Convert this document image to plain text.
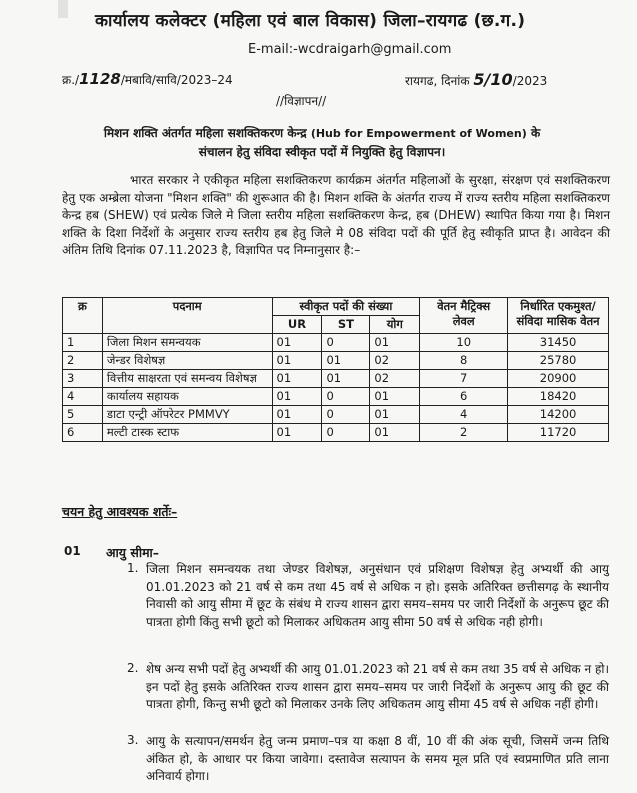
कार्यालय कलेक्टर (महिला एवं बाल विकास) जिला–रायगढ (छ.ग.)
E-mail:-wcdraigarh@gmail.com
क्र./1128/मबावि/सावि/2023–24	रायगढ, दिनांक 5/10/2023
//विज्ञापन//
मिशन शक्ति अंतर्गत महिला सशक्तिकरण केन्द्र (Hub for Empowerment of Women) के
संचालन हेतु संविदा स्वीकृत पदों में नियुक्ति हेतु विज्ञापन।
भारत सरकार ने एकीकृत महिला सशक्तिकरण कार्यक्रम अंतर्गत महिलाओं के सुरक्षा, संरक्षण एवं सशक्तिकरण हेतु एक अम्ब्रेला योजना "मिशन शक्ति" की शुरूआत की है। मिशन शक्ति के अंतर्गत राज्य में राज्य स्तरीय महिला सशक्तिकरण केन्द्र हब (SHEW) एवं प्रत्येक जिले मे जिला स्तरीय महिला सशक्तिकरण केन्द्र, हब (DHEW) स्थापित किया गया है। मिशन शक्ति के दिशा निर्देशों के अनुसार राज्य स्तरीय हब हेतु जिले मे 08 संविदा पदों की पूर्ति हेतु स्वीकृति प्राप्त है। आवेदन की अंतिम तिथि दिनांक 07.11.2023 है, विज्ञापित पद निम्नानुसार है:–
क्र	पदनाम	स्वीकृत पदों की संख्या			वेतन मैट्रिक्स लेवल	निर्धारित एकमुश्त/संविदा मासिक वेतन
		UR	ST	योग		
1	जिला मिशन समन्वयक	01	0	01	10	31450
2	जेन्डर विशेषज्ञ	01	01	02	8	25780
3	वित्तीय साक्षरता एवं समन्वय विशेषज्ञ	01	01	02	7	20900
4	कार्यालय सहायक	01	0	01	6	18420
5	डाटा एन्ट्री ऑपरेटर PMMVY	01	0	01	4	14200
6	मल्टी टास्क स्टाफ	01	0	01	2	11720
चयन हेतु आवश्यक शर्तेः–
01 आयु सीमा–
1. जिला मिशन समन्वयक तथा जेण्डर विशेषज्ञ, अनुसंधान एवं प्रशिक्षण विशेषज्ञ हेतु अभ्यर्थी की आयु 01.01.2023 को 21 वर्ष से कम तथा 45 वर्ष से अधिक न हो। इसके अतिरिक्त छत्तीसगढ़ के स्थानीय निवासी को आयु सीमा में छूट के संबंध मे राज्य शासन द्वारा समय–समय पर जारी निर्देशों के अनुरूप छूट की पात्रता होगी किंतु सभी छूटो को मिलाकर अधिकतम आयु सीमा 50 वर्ष से अधिक नही होगी।
2. शेष अन्य सभी पदों हेतु अभ्यर्थी की आयु 01.01.2023 को 21 वर्ष से कम तथा 35 वर्ष से अधिक न हो। इन पदों हेतु इसके अतिरिक्त राज्य शासन द्वारा समय–समय पर जारी निर्देशों के अनुरूप आयु की छूट की पात्रता होगी, किन्तु सभी छूटो को मिलाकर उनके लिए अधिकतम आयु सीमा 45 वर्ष से अधिक नहीं होगी।
3. आयु के सत्यापन/समर्थन हेतु जन्म प्रमाण–पत्र या कक्षा 8 वीं, 10 वीं की अंक सूची, जिसमें जन्म तिथि अंकित हो, के आधार पर किया जावेगा। दस्तावेज सत्यापन के समय मूल प्रति एवं स्वप्रमाणित प्रति लाना अनिवार्य होगा।
